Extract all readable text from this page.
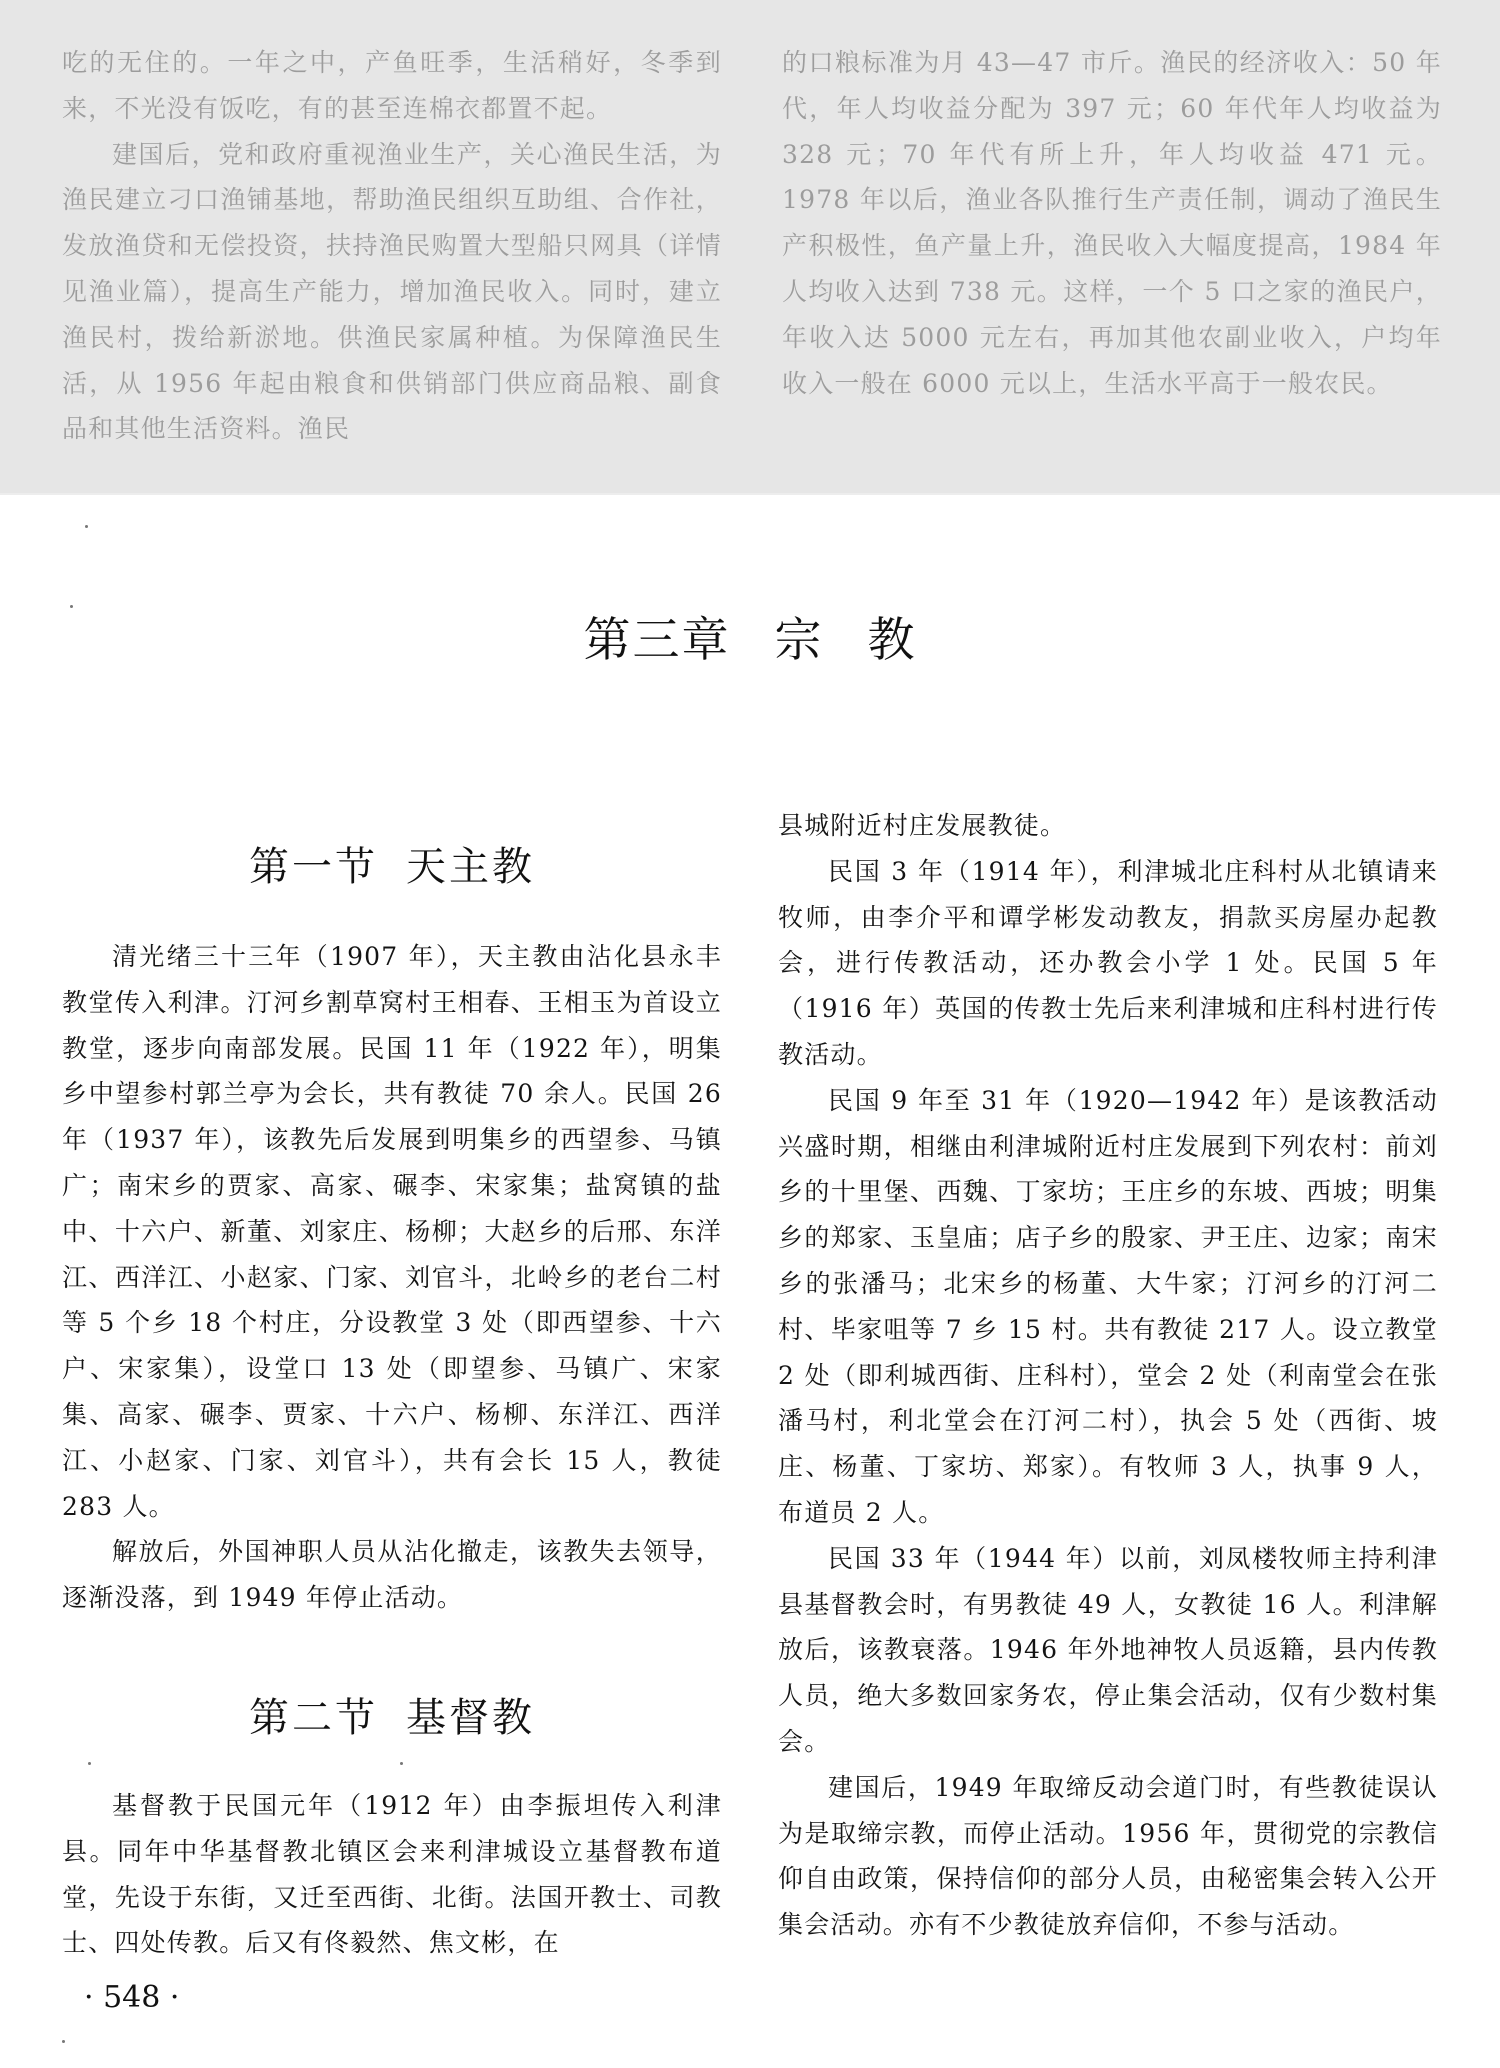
吃的无住的。一年之中，产鱼旺季，生活稍好，冬季到来，不光没有饭吃，有的甚至连棉衣都置不起。

建国后，党和政府重视渔业生产，关心渔民生活，为渔民建立刁口渔铺基地，帮助渔民组织互助组、合作社，发放渔贷和无偿投资，扶持渔民购置大型船只网具（详情见渔业篇），提高生产能力，增加渔民收入。同时，建立渔民村，拨给新淤地。供渔民家属种植。为保障渔民生活，从 1956 年起由粮食和供销部门供应商品粮、副食品和其他生活资料。渔民

的口粮标准为月 43—47 市斤。渔民的经济收入：50 年代，年人均收益分配为 397 元；60 年代年人均收益为 328 元；70 年代有所上升，年人均收益 471 元。1978 年以后，渔业各队推行生产责任制，调动了渔民生产积极性，鱼产量上升，渔民收入大幅度提高，1984 年人均收入达到 738 元。这样，一个 5 口之家的渔民户，年收入达 5000 元左右，再加其他农副业收入，户均年收入一般在 6000 元以上，生活水平高于一般农民。

第三章 宗 教
第一节 天主教

清光绪三十三年（1907 年），天主教由沾化县永丰教堂传入利津。汀河乡割草窝村王相春、王相玉为首设立教堂，逐步向南部发展。民国 11 年（1922 年），明集乡中望参村郭兰亭为会长，共有教徒 70 余人。民国 26 年（1937 年），该教先后发展到明集乡的西望参、马镇广；南宋乡的贾家、高家、碾李、宋家集；盐窝镇的盐中、十六户、新董、刘家庄、杨柳；大赵乡的后邢、东洋江、西洋江、小赵家、门家、刘官斗，北岭乡的老台二村等 5 个乡 18 个村庄，分设教堂 3 处（即西望参、十六户、宋家集），设堂口 13 处（即望参、马镇广、宋家集、高家、碾李、贾家、十六户、杨柳、东洋江、西洋江、小赵家、门家、刘官斗），共有会长 15 人，教徒 283 人。

解放后，外国神职人员从沾化撤走，该教失去领导，逐渐没落，到 1949 年停止活动。

第二节 基督教

基督教于民国元年（1912 年）由李振坦传入利津县。同年中华基督教北镇区会来利津城设立基督教布道堂，先设于东街，又迁至西街、北街。法国开教士、司教士、四处传教。后又有佟毅然、焦文彬，在

县城附近村庄发展教徒。

民国 3 年（1914 年），利津城北庄科村从北镇请来牧师，由李介平和谭学彬发动教友，捐款买房屋办起教会，进行传教活动，还办教会小学 1 处。民国 5 年（1916 年）英国的传教士先后来利津城和庄科村进行传教活动。

民国 9 年至 31 年（1920—1942 年）是该教活动兴盛时期，相继由利津城附近村庄发展到下列农村：前刘乡的十里堡、西魏、丁家坊；王庄乡的东坡、西坡；明集乡的郑家、玉皇庙；店子乡的殷家、尹王庄、边家；南宋乡的张潘马；北宋乡的杨董、大牛家；汀河乡的汀河二村、毕家咀等 7 乡 15 村。共有教徒 217 人。设立教堂 2 处（即利城西街、庄科村），堂会 2 处（利南堂会在张潘马村，利北堂会在汀河二村），执会 5 处（西街、坡庄、杨董、丁家坊、郑家）。有牧师 3 人，执事 9 人，布道员 2 人。

民国 33 年（1944 年）以前，刘凤楼牧师主持利津县基督教会时，有男教徒 49 人，女教徒 16 人。利津解放后，该教衰落。1946 年外地神牧人员返籍，县内传教人员，绝大多数回家务农，停止集会活动，仅有少数村集会。

建国后，1949 年取缔反动会道门时，有些教徒误认为是取缔宗教，而停止活动。1956 年，贯彻党的宗教信仰自由政策，保持信仰的部分人员，由秘密集会转入公开集会活动。亦有不少教徒放弃信仰，不参与活动。

· 548 ·
